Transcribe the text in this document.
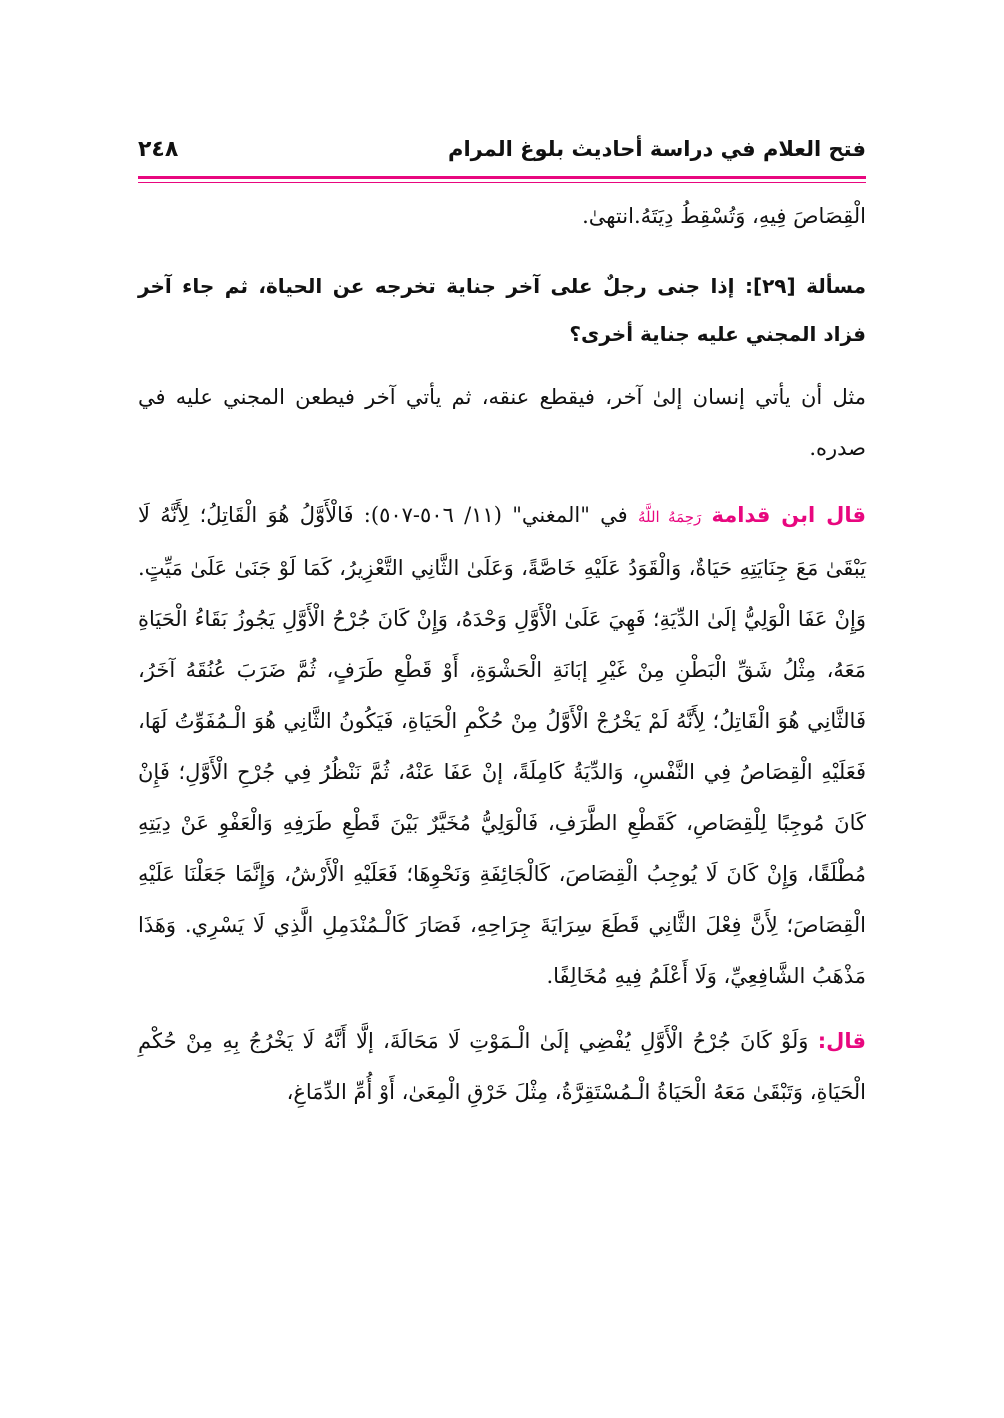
فتح العلام في دراسة أحاديث بلوغ المرام
٢٤٨

الْقِصَاصَ فِيهِ، وَتُسْقِطُ دِيَتَهُ.انتهىٰ.

مسألة [٢٩]: إذا جنى رجلٌ على آخر جناية تخرجه عن الحياة، ثم جاء آخر فزاد المجني عليه جناية أخرى؟

مثل أن يأتي إنسان إلىٰ آخر، فيقطع عنقه، ثم يأتي آخر فيطعن المجني عليه في صدره.

قال ابن قدامة رَحِمَهُ اللَّهُ في "المغني" (١١/ ٥٠٦-٥٠٧): فَالْأَوَّلُ هُوَ الْقَاتِلُ؛ لِأَنَّهُ لَا يَبْقَىٰ مَعَ جِنَايَتِهِ حَيَاةٌ، وَالْقَوَدُ عَلَيْهِ خَاصَّةً، وَعَلَىٰ الثَّانِي التَّعْزِيرُ، كَمَا لَوْ جَنَىٰ عَلَىٰ مَيِّتٍ. وَإِنْ عَفَا الْوَلِيُّ إلَىٰ الدِّيَةِ؛ فَهِيَ عَلَىٰ الْأَوَّلِ وَحْدَهُ، وَإِنْ كَانَ جُرْحُ الْأَوَّلِ يَجُوزُ بَقَاءُ الْحَيَاةِ مَعَهُ، مِثْلُ شَقِّ الْبَطْنِ مِنْ غَيْرِ إبَانَةِ الْحَشْوَةِ، أَوْ قَطْعِ طَرَفٍ، ثُمَّ ضَرَبَ عُنُقَهُ آخَرُ، فَالثَّانِي هُوَ الْقَاتِلُ؛ لِأَنَّهُ لَمْ يَخْرُجْ الْأَوَّلُ مِنْ حُكْمِ الْحَيَاةِ، فَيَكُونُ الثَّانِي هُوَ الْـمُفَوِّتُ لَهَا، فَعَلَيْهِ الْقِصَاصُ فِي النَّفْسِ، وَالدِّيَةُ كَامِلَةً، إنْ عَفَا عَنْهُ، ثُمَّ نَنْظُرُ فِي جُرْحِ الْأَوَّلِ؛ فَإِنْ كَانَ مُوجِبًا لِلْقِصَاصِ، كَقَطْعِ الطَّرَفِ، فَالْوَلِيُّ مُخَيَّرٌ بَيْنَ قَطْعِ طَرَفِهِ وَالْعَفْوِ عَنْ دِيَتِهِ مُطْلَقًا، وَإِنْ كَانَ لَا يُوجِبُ الْقِصَاصَ، كَالْجَائِفَةِ وَنَحْوِهَا؛ فَعَلَيْهِ الْأَرْشُ، وَإِنَّمَا جَعَلْنَا عَلَيْهِ الْقِصَاصَ؛ لِأَنَّ فِعْلَ الثَّانِي قَطَعَ سِرَايَةَ جِرَاحِهِ، فَصَارَ كَالْـمُنْدَمِلِ الَّذِي لَا يَسْرِي. وَهَذَا مَذْهَبُ الشَّافِعِيِّ، وَلَا أَعْلَمُ فِيهِ مُخَالِفًا.

قال: وَلَوْ كَانَ جُرْحُ الْأَوَّلِ يُفْضِي إلَىٰ الْـمَوْتِ لَا مَحَالَةَ، إلَّا أَنَّهُ لَا يَخْرُجُ بِهِ مِنْ حُكْمِ الْحَيَاةِ، وَتَبْقَىٰ مَعَهُ الْحَيَاةُ الْـمُسْتَقِرَّةُ، مِثْلَ خَرْقِ الْمِعَىٰ، أَوْ أُمِّ الدِّمَاغِ،
